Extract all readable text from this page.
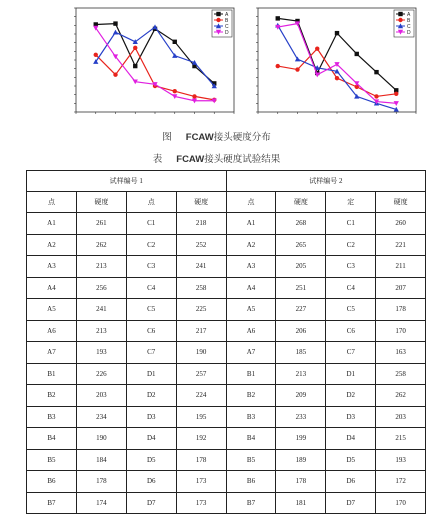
A
B
C
D
A
B
C
D
图 FCAW接头硬度分布
表 FCAW接头硬度试验结果
试样编号 1				试样编号 2			
点	硬度	点	硬度	点	硬度	定	硬度
A1	261	C1	218	A1	268	C1	260
A2	262	C2	252	A2	265	C2	221
A3	213	C3	241	A3	205	C3	211
A4	256	C4	258	A4	251	C4	207
A5	241	C5	225	A5	227	C5	178
A6	213	C6	217	A6	206	C6	170
A7	193	C7	190	A7	185	C7	163
B1	226	D1	257	B1	213	D1	258
B2	203	D2	224	B2	209	D2	262
B3	234	D3	195	B3	233	D3	203
B4	190	D4	192	B4	199	D4	215
B5	184	D5	178	B5	189	D5	193
B6	178	D6	173	B6	178	D6	172
B7	174	D7	173	B7	181	D7	170
